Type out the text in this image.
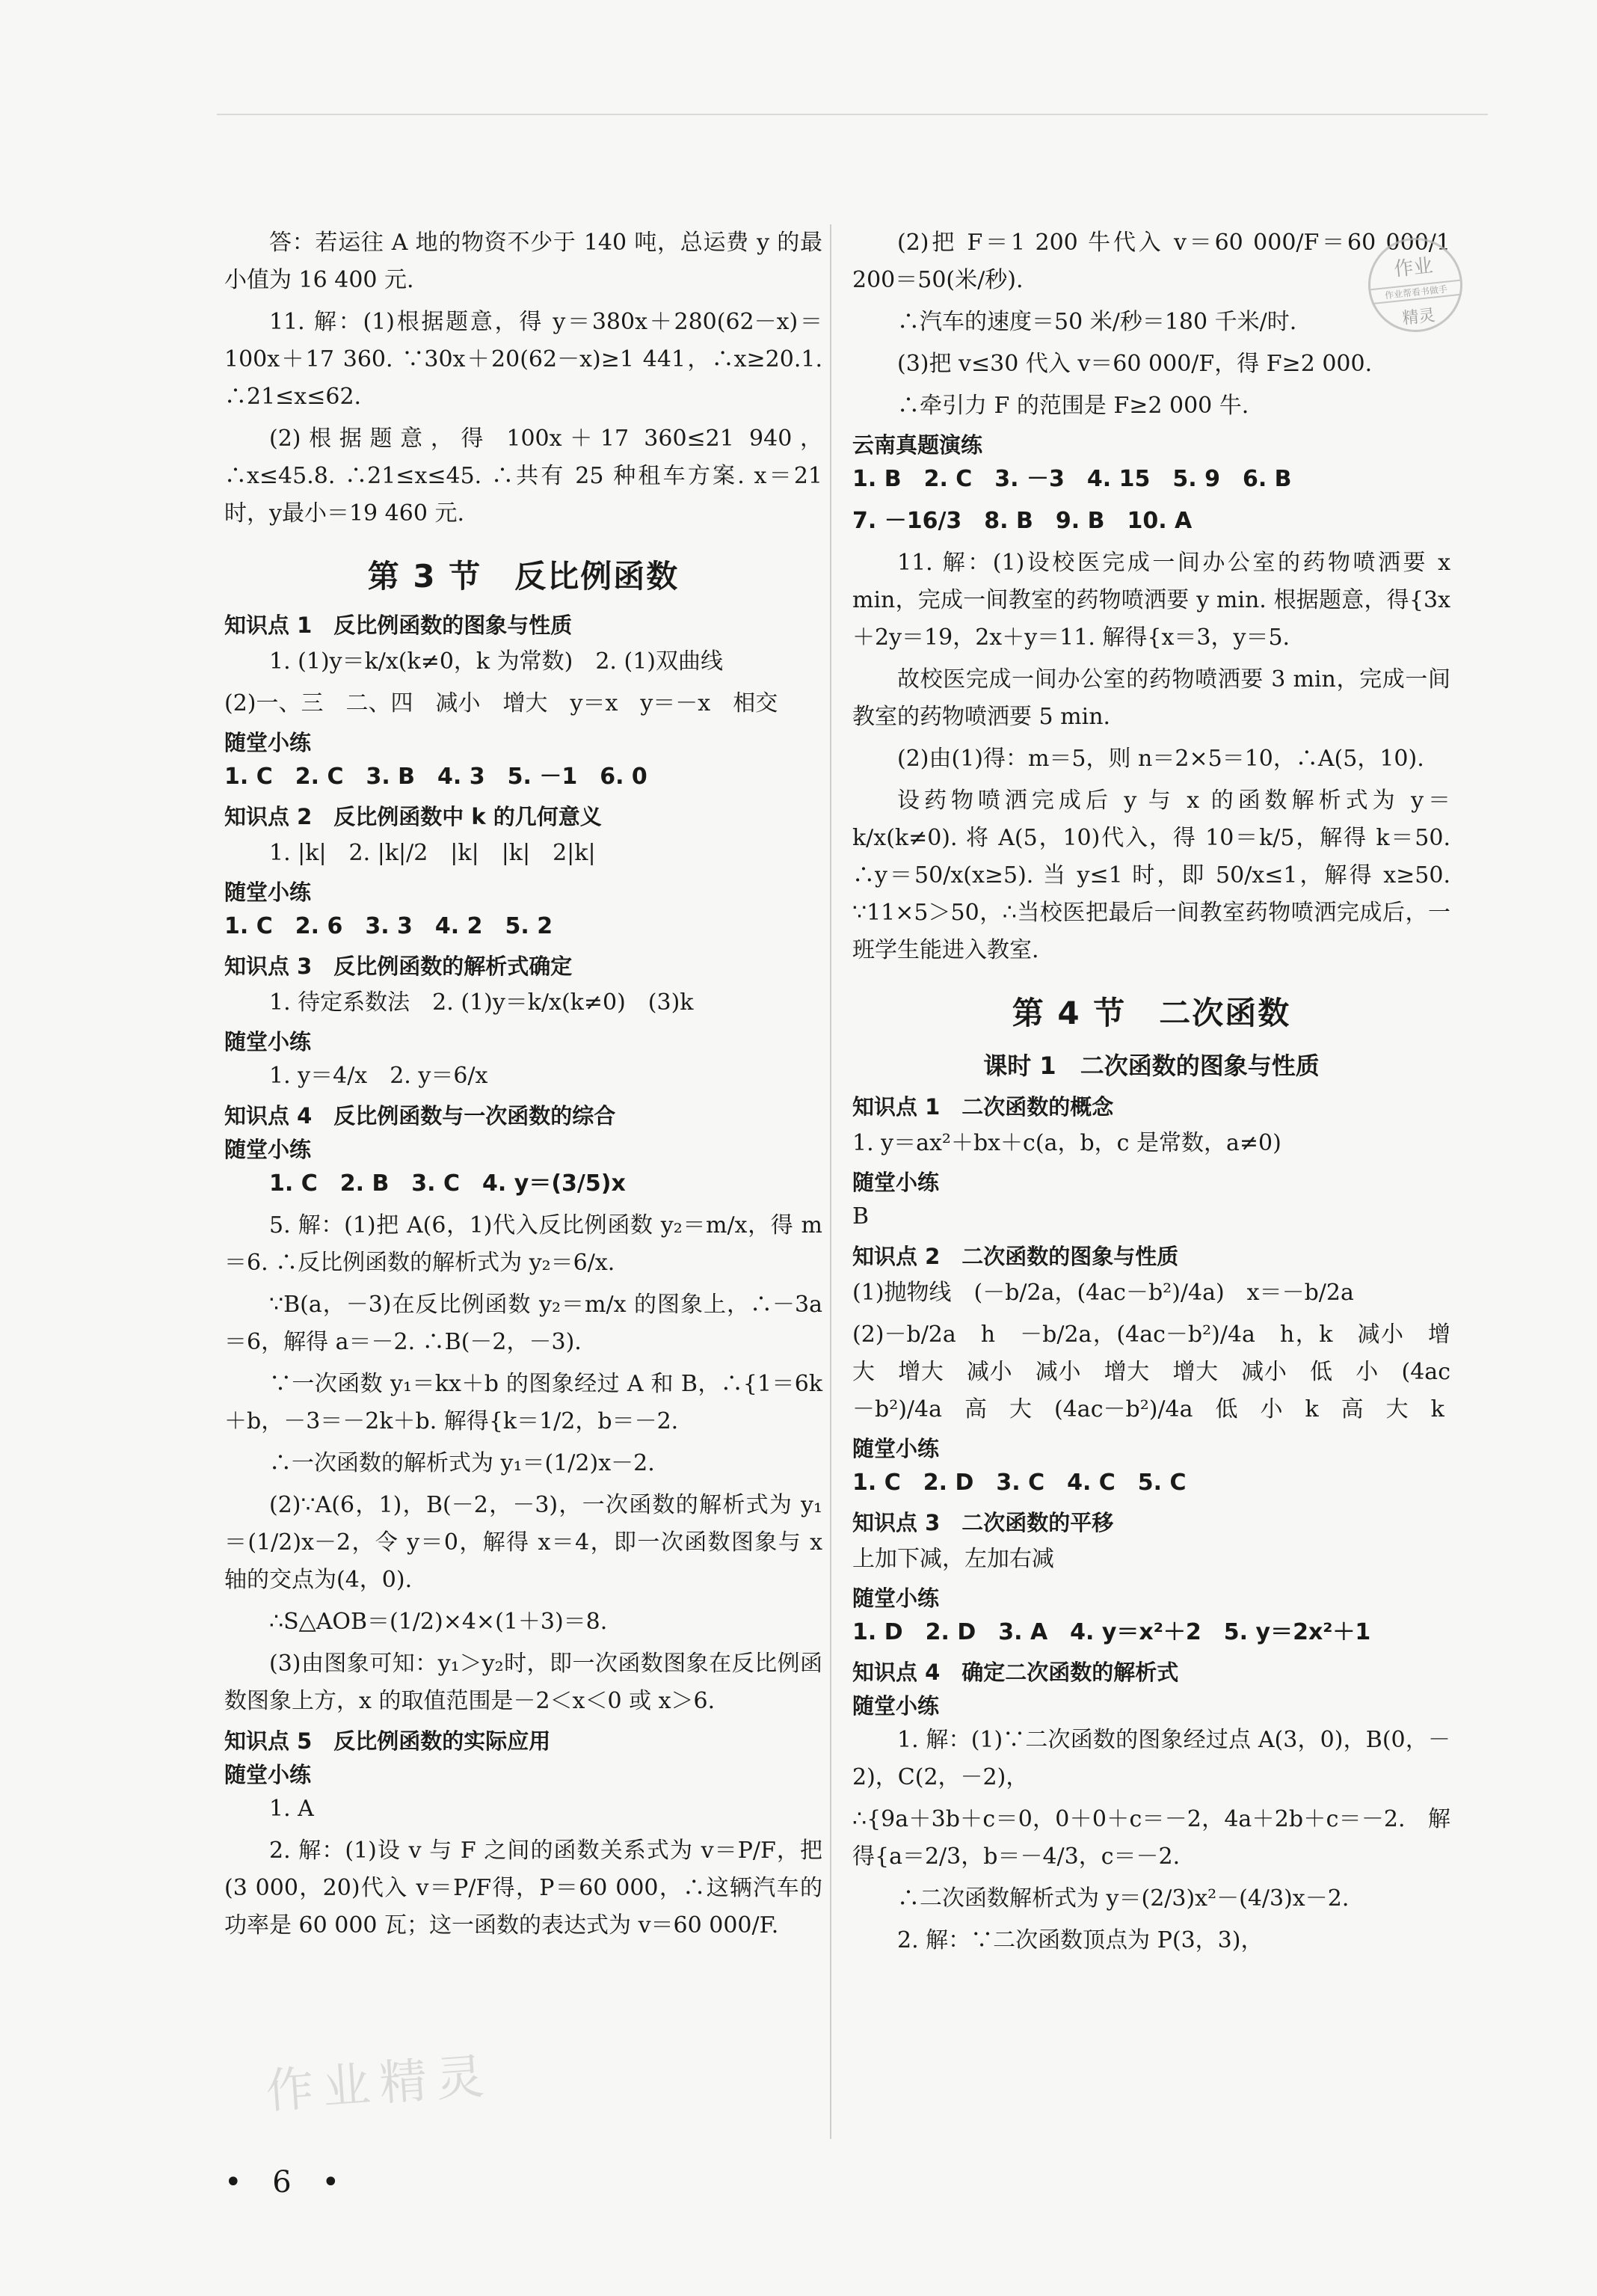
答：若运往 A 地的物资不少于 140 吨，总运费 y 的最小值为 16 400 元.

11. 解：(1)根据题意，得 y＝380x＋280(62－x)＝100x＋17 360. ∵30x＋20(62－x)≥1 441，∴x≥20.1. ∴21≤x≤62.

(2)根据题意，得 100x＋17 360≤21 940，∴x≤45.8. ∴21≤x≤45. ∴共有 25 种租车方案. x＝21 时，y最小＝19 460 元.

第 3 节　反比例函数
知识点 1　反比例函数的图象与性质

1. (1)y＝k/x(k≠0，k 为常数)　2. (1)双曲线

(2)一、三　二、四　减小　增大　y＝x　y＝－x　相交

随堂小练

1. C　2. C　3. B　4. 3　5. －1　6. 0

知识点 2　反比例函数中 k 的几何意义

1. |k|　2. |k|/2　|k|　|k|　2|k|

随堂小练

1. C　2. 6　3. 3　4. 2　5. 2

知识点 3　反比例函数的解析式确定

1. 待定系数法　2. (1)y＝k/x(k≠0)　(3)k

随堂小练

1. y＝4/x　2. y＝6/x

知识点 4　反比例函数与一次函数的综合
随堂小练

1. C　2. B　3. C　4. y＝(3/5)x

5. 解：(1)把 A(6，1)代入反比例函数 y₂＝m/x，得 m＝6. ∴反比例函数的解析式为 y₂＝6/x.

∵B(a，－3)在反比例函数 y₂＝m/x 的图象上，∴－3a＝6，解得 a＝－2. ∴B(－2，－3).

∵一次函数 y₁＝kx＋b 的图象经过 A 和 B，∴{1＝6k＋b，－3＝－2k＋b. 解得{k＝1/2，b＝－2.

∴一次函数的解析式为 y₁＝(1/2)x－2.

(2)∵A(6，1)，B(－2，－3)，一次函数的解析式为 y₁＝(1/2)x－2，令 y＝0，解得 x＝4，即一次函数图象与 x 轴的交点为(4，0).

∴S△AOB＝(1/2)×4×(1＋3)＝8.

(3)由图象可知：y₁＞y₂时，即一次函数图象在反比例函数图象上方，x 的取值范围是－2＜x＜0 或 x＞6.

知识点 5　反比例函数的实际应用
随堂小练

1. A

2. 解：(1)设 v 与 F 之间的函数关系式为 v＝P/F，把(3 000，20)代入 v＝P/F得，P＝60 000，∴这辆汽车的功率是 60 000 瓦；这一函数的表达式为 v＝60 000/F.

(2)把 F＝1 200 牛代入 v＝60 000/F＝60 000/1 200＝50(米/秒).

∴汽车的速度＝50 米/秒＝180 千米/时.

(3)把 v≤30 代入 v＝60 000/F，得 F≥2 000.

∴牵引力 F 的范围是 F≥2 000 牛.

云南真题演练

1. B　2. C　3. －3　4. 15　5. 9　6. B

7. －16/3　8. B　9. B　10. A

11. 解：(1)设校医完成一间办公室的药物喷洒要 x min，完成一间教室的药物喷洒要 y min. 根据题意，得{3x＋2y＝19，2x＋y＝11. 解得{x＝3，y＝5.

故校医完成一间办公室的药物喷洒要 3 min，完成一间教室的药物喷洒要 5 min.

(2)由(1)得：m＝5，则 n＝2×5＝10，∴A(5，10).

设药物喷洒完成后 y 与 x 的函数解析式为 y＝k/x(k≠0). 将 A(5，10)代入，得 10＝k/5，解得 k＝50. ∴y＝50/x(x≥5). 当 y≤1 时，即 50/x≤1，解得 x≥50. ∵11×5＞50，∴当校医把最后一间教室药物喷洒完成后，一班学生能进入教室.

第 4 节　二次函数
课时 1　二次函数的图象与性质
知识点 1　二次函数的概念

1. y＝ax²＋bx＋c(a，b，c 是常数，a≠0)

随堂小练

B

知识点 2　二次函数的图象与性质

(1)抛物线　(－b/2a，(4ac－b²)/4a)　x＝－b/2a

(2)－b/2a　h　－b/2a，(4ac－b²)/4a　h，k　减小　增大　增大　减小　减小　增大　增大　减小　低　小　(4ac－b²)/4a　高　大　(4ac－b²)/4a　低　小　k　高　大　k

随堂小练

1. C　2. D　3. C　4. C　5. C

知识点 3　二次函数的平移

上加下减，左加右减

随堂小练

1. D　2. D　3. A　4. y＝x²＋2　5. y＝2x²＋1

知识点 4　确定二次函数的解析式
随堂小练

1. 解：(1)∵二次函数的图象经过点 A(3，0)，B(0，－2)，C(2，－2)，

∴{9a＋3b＋c＝0，0＋0＋c＝－2，4a＋2b＋c＝－2.　解得{a＝2/3，b＝－4/3，c＝－2.

∴二次函数解析式为 y＝(2/3)x²－(4/3)x－2.

2. 解：∵二次函数顶点为 P(3，3)，

作业
作业帮看书做手
精灵
作业精灵
• 6 •
